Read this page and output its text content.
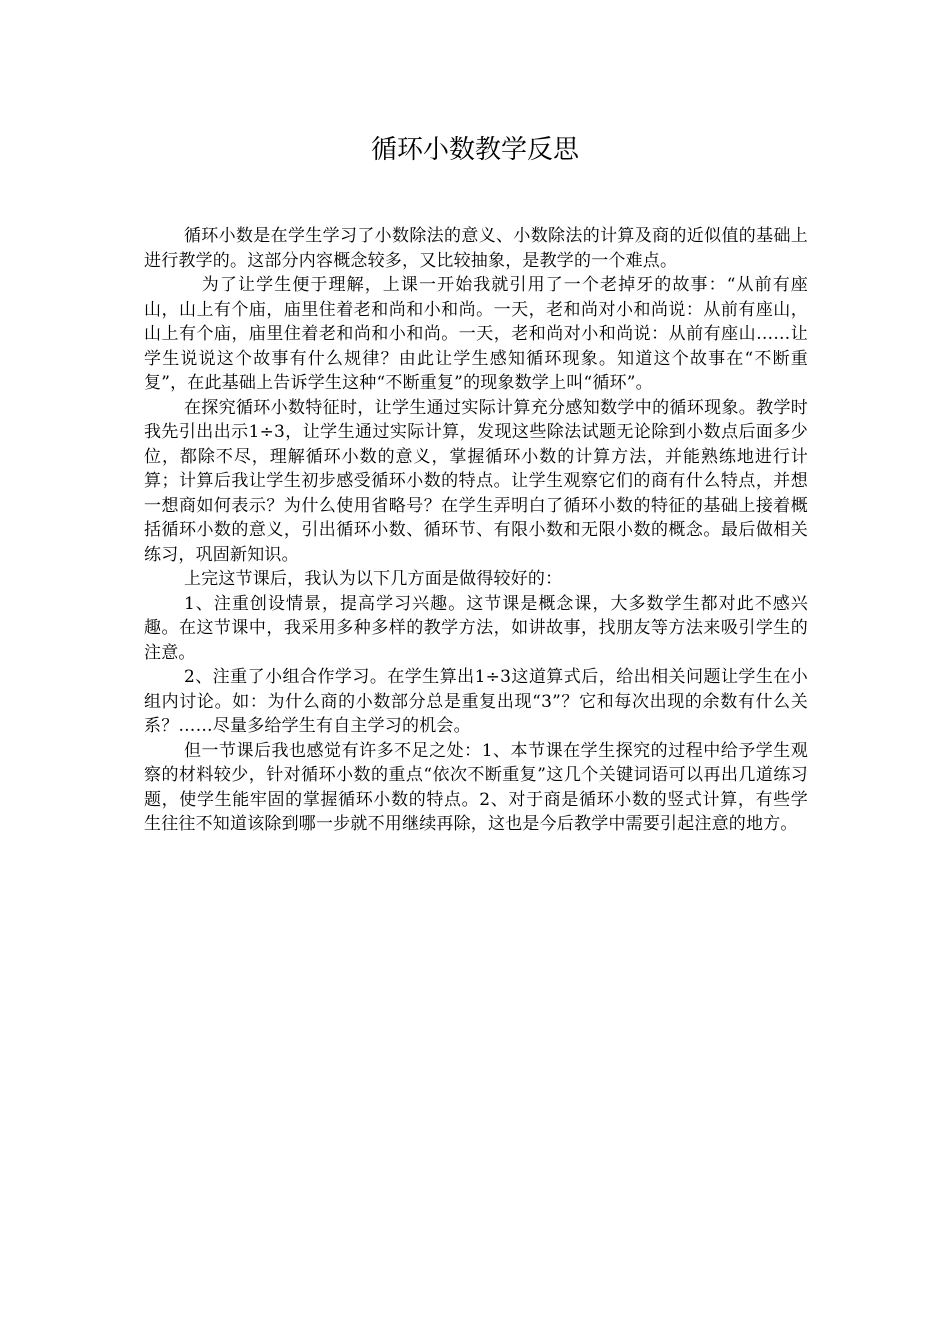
循环小数教学反思

循环小数是在学生学习了小数除法的意义、小数除法的计算及商的近似值的基础上进行教学的。这部分内容概念较多，又比较抽象，是教学的一个难点。

为了让学生便于理解，上课一开始我就引用了一个老掉牙的故事：“从前有座山，山上有个庙，庙里住着老和尚和小和尚。一天，老和尚对小和尚说：从前有座山，山上有个庙，庙里住着老和尚和小和尚。一天，老和尚对小和尚说：从前有座山……让学生说说这个故事有什么规律？由此让学生感知循环现象。知道这个故事在“不断重复”，在此基础上告诉学生这种“不断重复”的现象数学上叫“循环”。

在探究循环小数特征时，让学生通过实际计算充分感知数学中的循环现象。教学时我先引出出示1÷3，让学生通过实际计算，发现这些除法试题无论除到小数点后面多少位，都除不尽，理解循环小数的意义，掌握循环小数的计算方法，并能熟练地进行计算；计算后我让学生初步感受循环小数的特点。让学生观察它们的商有什么特点，并想一想商如何表示？为什么使用省略号？在学生弄明白了循环小数的特征的基础上接着概括循环小数的意义，引出循环小数、循环节、有限小数和无限小数的概念。最后做相关练习，巩固新知识。

上完这节课后，我认为以下几方面是做得较好的：

1、注重创设情景，提高学习兴趣。这节课是概念课，大多数学生都对此不感兴趣。在这节课中，我采用多种多样的教学方法，如讲故事，找朋友等方法来吸引学生的注意。

2、注重了小组合作学习。在学生算出1÷3这道算式后，给出相关问题让学生在小组内讨论。如：为什么商的小数部分总是重复出现“3”？它和每次出现的余数有什么关系？……尽量多给学生有自主学习的机会。

但一节课后我也感觉有许多不足之处：1、本节课在学生探究的过程中给予学生观察的材料较少，针对循环小数的重点“依次不断重复”这几个关键词语可以再出几道练习题，使学生能牢固的掌握循环小数的特点。2、对于商是循环小数的竖式计算，有些学生往往不知道该除到哪一步就不用继续再除，这也是今后教学中需要引起注意的地方。
